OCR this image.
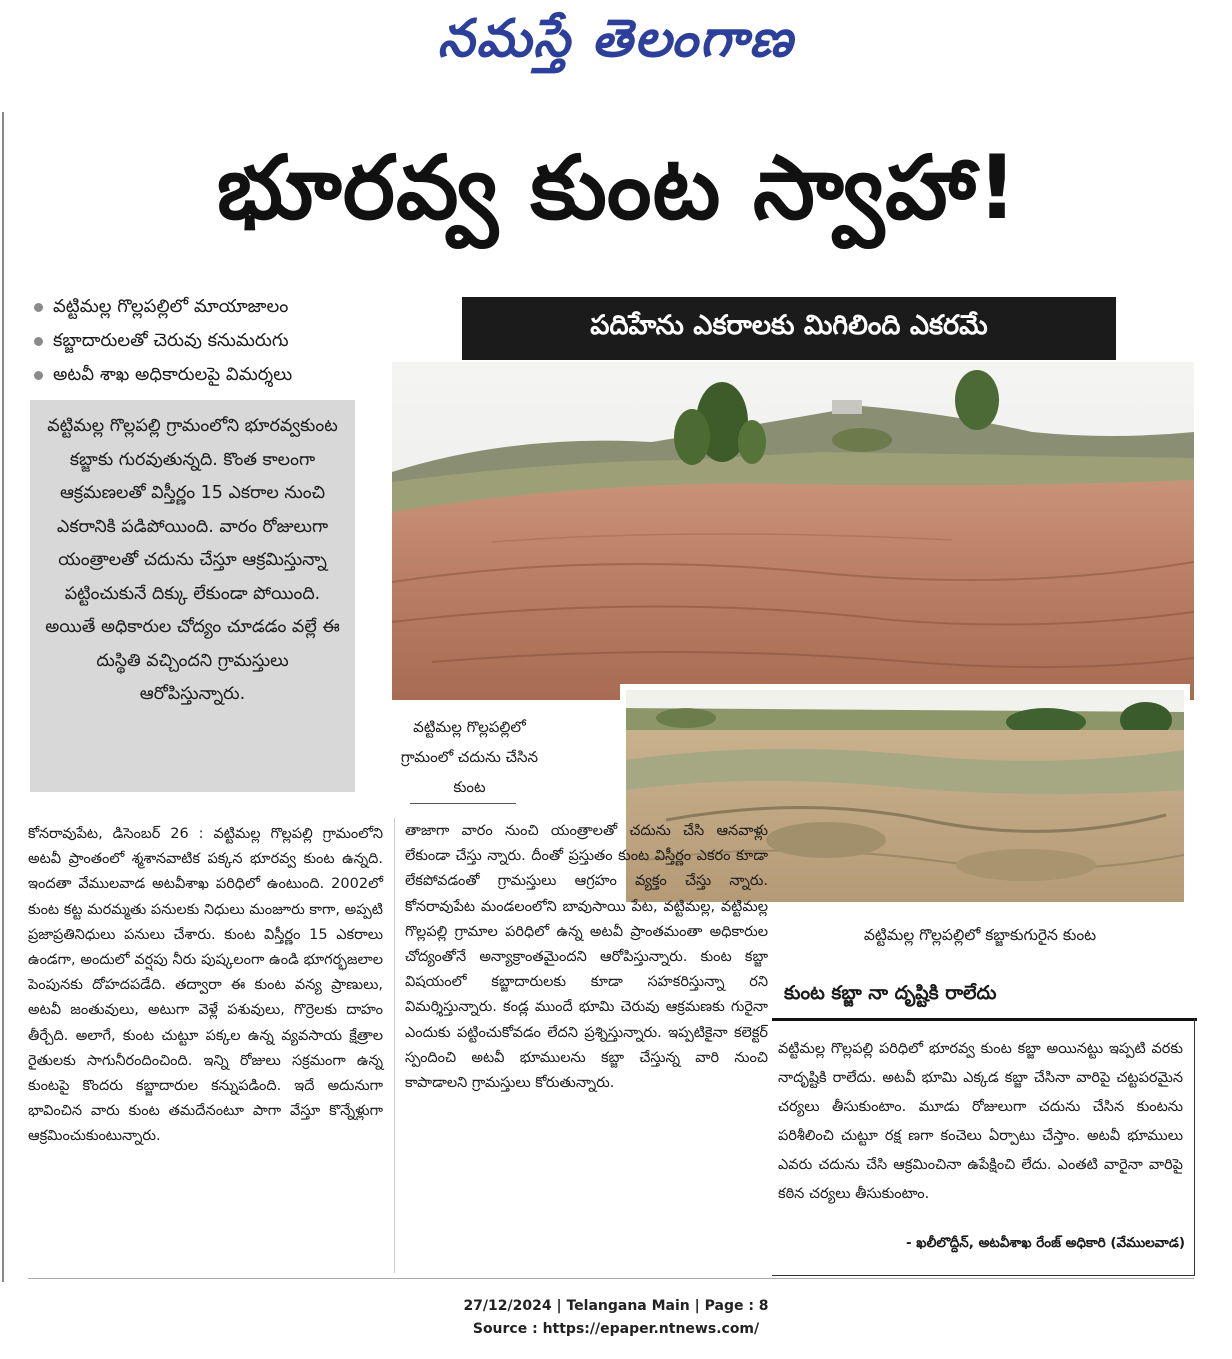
నమస్తే తెలంగాణ
భూరవ్వ కుంట స్వాహా!
వట్టిమల్ల గొల్లపల్లిలో మాయాజాలం
కబ్జాదారులతో చెరువు కనుమరుగు
అటవీ శాఖ అధికారులపై విమర్శలు
పదిహేను ఎకరాలకు మిగిలింది ఎకరమే

వట్టిమల్ల గొల్లపల్లి గ్రామంలోని భూరవ్వకుంట కబ్జాకు గురవుతున్నది. కొంత కాలంగా ఆక్రమణలతో విస్తీర్ణం 15 ఎకరాల నుంచి ఎకరానికి పడిపోయింది. వారం రోజులుగా యంత్రాలతో చదును చేస్తూ ఆక్రమిస్తున్నా పట్టించుకునే దిక్కు లేకుండా పోయింది. అయితే అధికారుల చోద్యం చూడడం వల్లే ఈ దుస్థితి వచ్చిందని గ్రామస్తులు ఆరోపిస్తున్నారు.

వట్టిమల్ల గొల్లపల్లిలో గ్రామంలో చదును చేసిన కుంట
వట్టిమల్ల గొల్లపల్లిలో కబ్జాకుగురైన కుంట
కోనరావుపేట, డిసెంబర్ 26 : వట్టిమల్ల గొల్లపల్లి గ్రామంలోని అటవీ ప్రాంతంలో శ్మశానవాటిక పక్కన భూరవ్వ కుంట ఉన్నది. ఇందతా వేములవాడ అటవీశాఖ పరిధిలో ఉంటుంది. 2002లో కుంట కట్ట మరమ్మతు పనులకు నిధులు మంజూరు కాగా, అప్పటి ప్రజాప్రతినిధులు పనులు చేశారు. కుంట విస్తీర్ణం 15 ఎకరాలు ఉండగా, అందులో వర్షపు నీరు పుష్కలంగా ఉండి భూగర్భజలాల పెంపునకు దోహదపడేది. తద్వారా ఈ కుంట వన్య ప్రాణులు, అటవీ జంతువులు, అటుగా వెళ్లే పశువులు, గొర్రెలకు దాహం తీర్చేది. అలాగే, కుంట చుట్టూ పక్కల ఉన్న వ్యవసాయ క్షేత్రాల రైతులకు సాగునీరందించింది. ఇన్ని రోజులు సక్రమంగా ఉన్న కుంటపై కొందరు కబ్జాదారుల కన్నుపడింది. ఇదే అదునుగా భావించిన వారు కుంట తమదేనంటూ పాగా వేస్తూ కొన్నేళ్లుగా ఆక్రమించుకుంటున్నారు.
తాజాగా వారం నుంచి యంత్రాలతో చదును చేసి ఆనవాళ్లు లేకుండా చేస్తు న్నారు. దీంతో ప్రస్తుతం కుంట విస్తీర్ణం ఎకరం కూడా లేకపోవడంతో గ్రామస్తులు ఆగ్రహం వ్యక్తం చేస్తు న్నారు. కోనరావుపేట మండలంలోని బావుసాయి పేట, వట్టిమల్ల, వట్టిమల్ల గొల్లపల్లి గ్రామాల పరిధిలో ఉన్న అటవీ ప్రాంతమంతా అధికారుల చోద్యంతోనే అన్యాక్రాంతమైందని ఆరోపిస్తున్నారు. కుంట కబ్జా విషయంలో కబ్జాదారులకు కూడా సహకరిస్తున్నా రని విమర్శిస్తున్నారు. కండ్ల ముందే భూమి చెరువు ఆక్రమణకు గురైనా ఎందుకు పట్టించుకోవడం లేదని ప్రశ్నిస్తున్నారు. ఇప్పటికైనా కలెక్టర్ స్పందించి అటవీ భూములను కబ్జా చేస్తున్న వారి నుంచి కాపాడాలని గ్రామస్తులు కోరుతున్నారు.
కుంట కబ్జా నా దృష్టికి రాలేదు
వట్టిమల్ల గొల్లపల్లి పరిధిలో భూరవ్వ కుంట కబ్జా అయినట్టు ఇప్పటి వరకు నాదృష్టికి రాలేదు. అటవీ భూమి ఎక్కడ కబ్జా చేసినా వారిపై చట్టపరమైన చర్యలు తీసుకుంటాం. మూడు రోజులుగా చదును చేసిన కుంటను పరిశీలించి చుట్టూ రక్ష ణగా కంచెలు ఏర్పాటు చేస్తాం. అటవీ భూములు ఎవరు చదును చేసి ఆక్రమించినా ఉపేక్షించి లేదు. ఎంతటి వారైనా వారిపై కఠిన చర్యలు తీసుకుంటాం.
- ఖలీలొద్దీన్, అటవీశాఖ రేంజ్ అధికారి (వేములవాడ)
27/12/2024 | Telangana Main | Page : 8
Source : https://epaper.ntnews.com/
